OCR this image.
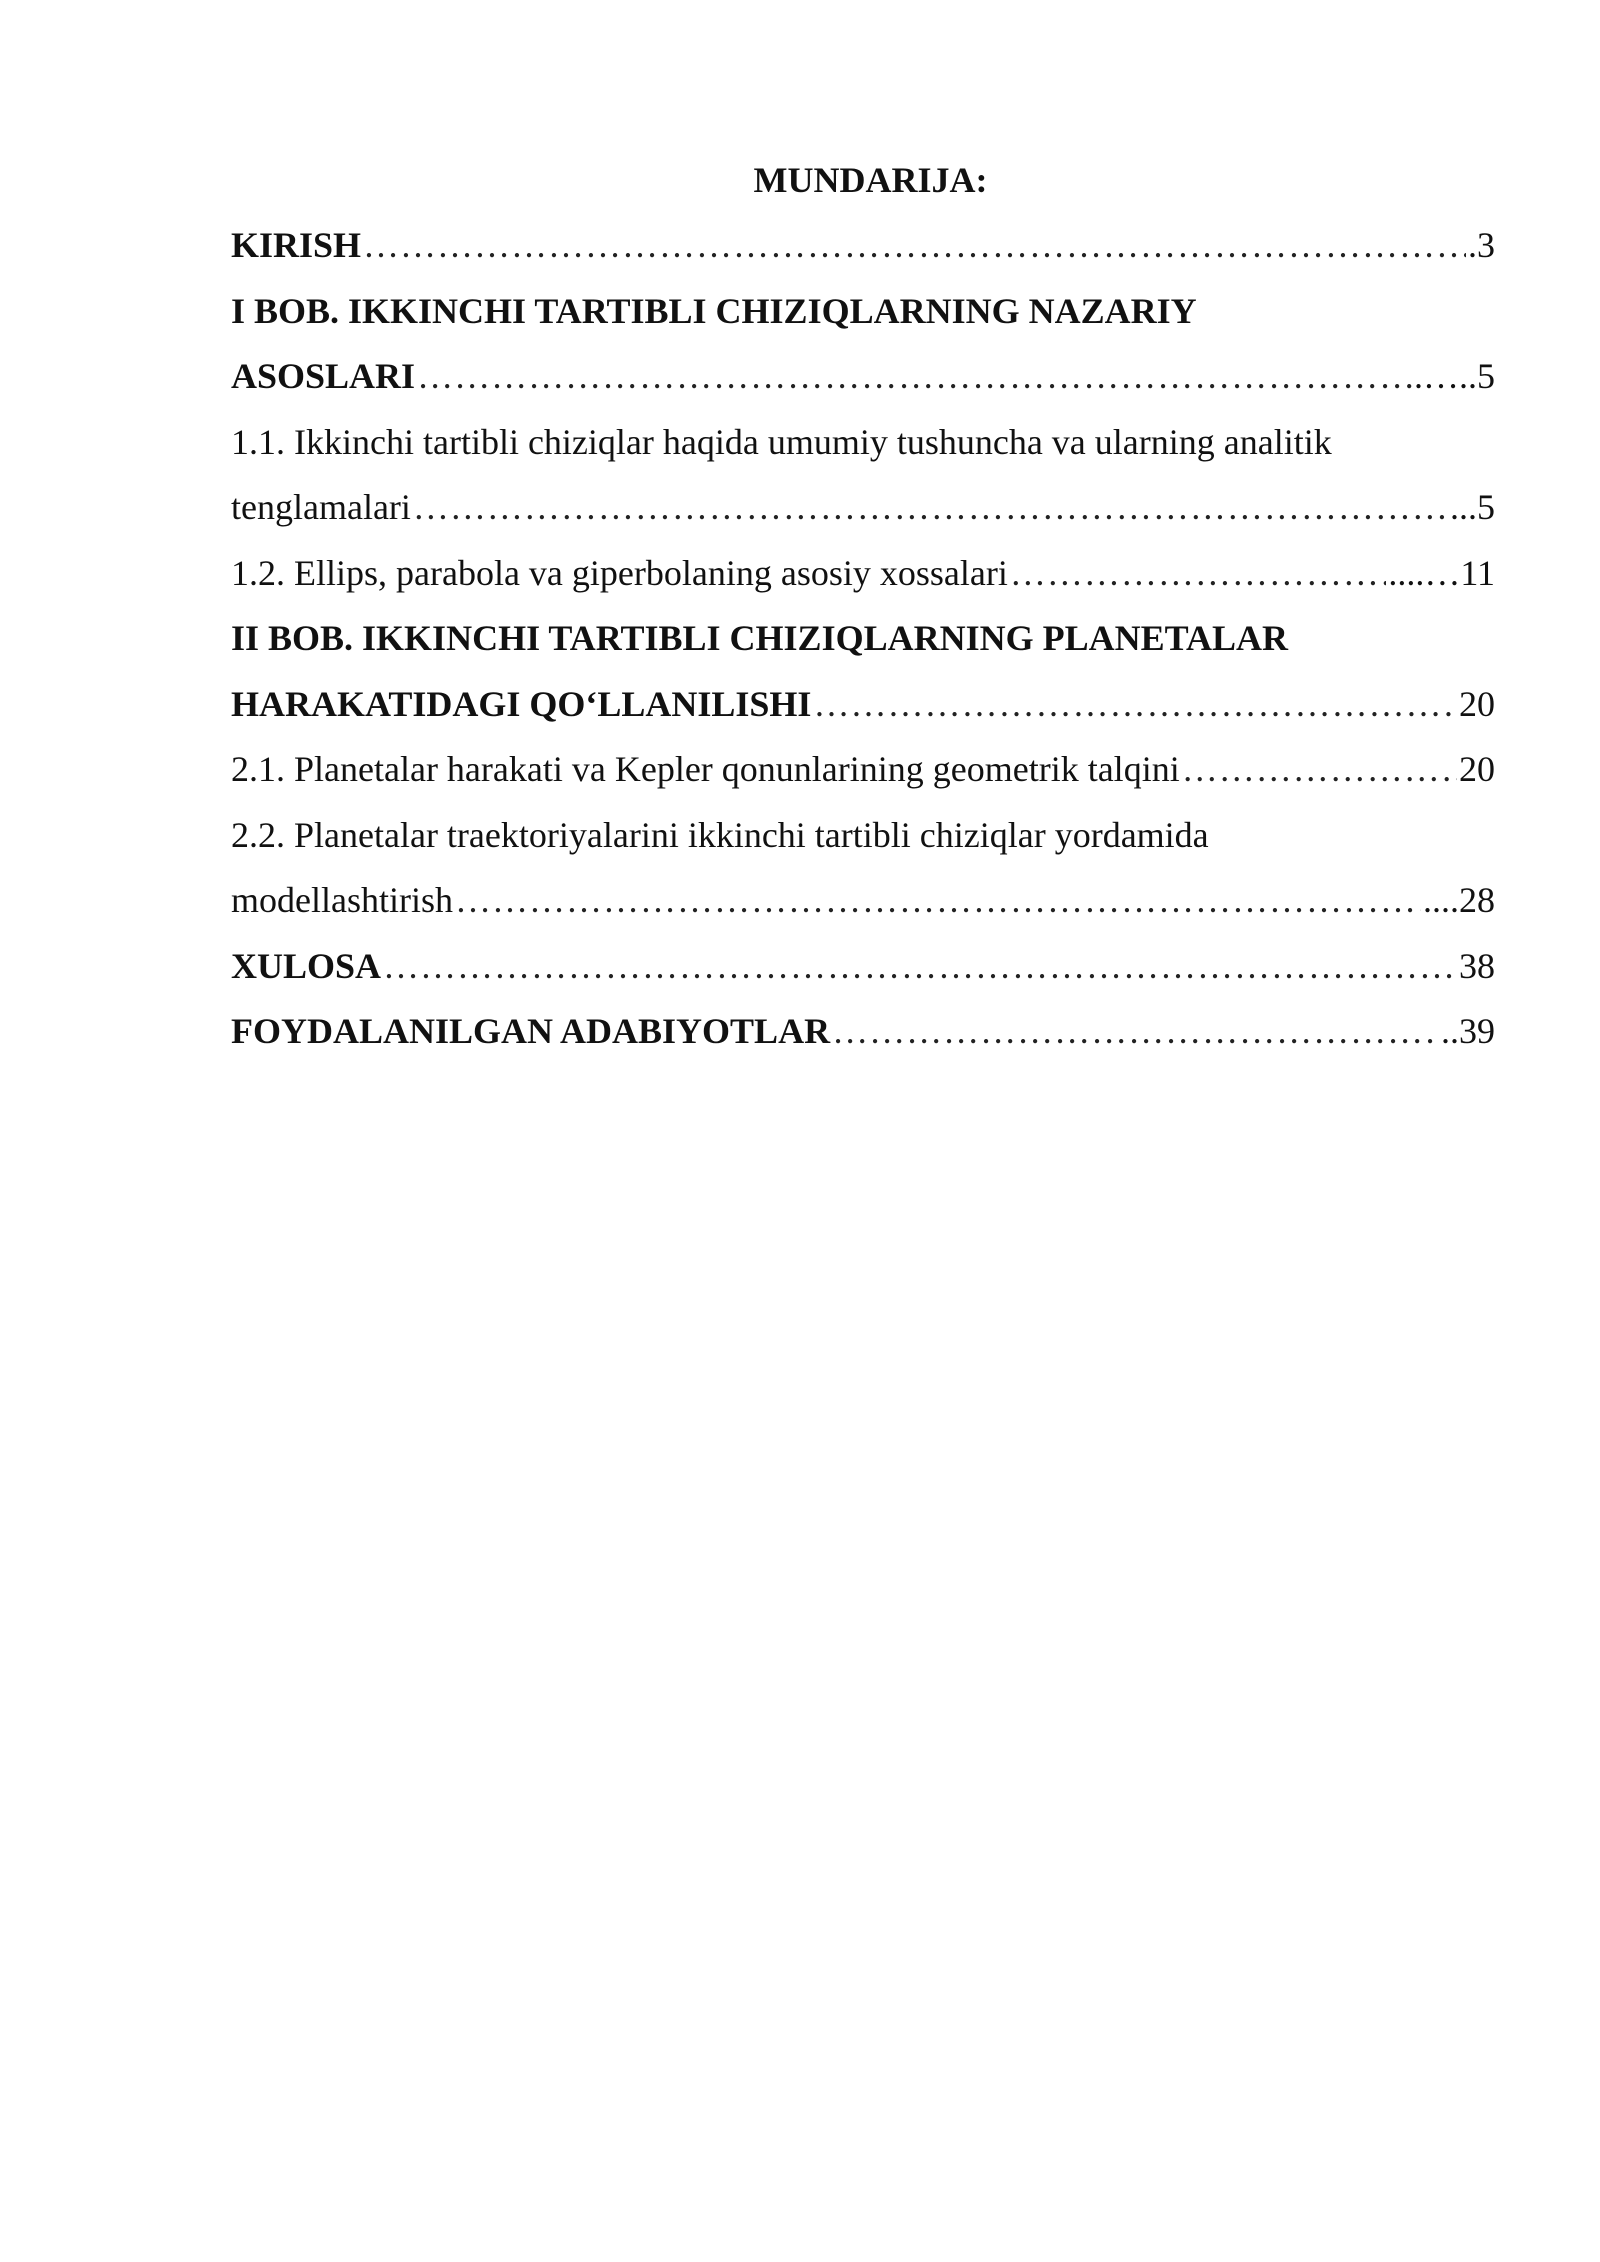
MUNDARIJA:
KIRISH ……………………………………………………………………………………………………………………………………………………………………………………………………	.3
I BOB. IKKINCHI TARTIBLI CHIZIQLARNING NAZARIY
ASOSLARI ……………………………………………………………………………………………………………………………………………………………………………………………………	.…..5
1.1. Ikkinchi tartibli chiziqlar haqida umumiy tushuncha va ularning analitik
tenglamalari ……………………………………………………………………………………………………………………………………………………………………………………………………	...5
1.2. Ellips, parabola va giperbolaning asosiy xossalari ……………………………………………………………………………………………………………………………………………………………………………………………………	....…11
II BOB. IKKINCHI TARTIBLI CHIZIQLARNING PLANETALAR
HARAKATIDAGI QO‘LLANILISHI ……………………………………………………………………………………………………………………………………………………………………………………………………	20
2.1. Planetalar harakati va Kepler qonunlarining geometrik talqini ……………………………………………………………………………………………………………………………………………………………………………………………………	20
2.2. Planetalar traektoriyalarini ikkinchi tartibli chiziqlar yordamida
modellashtirish ……………………………………………………………………………………………………………………………………………………………………………………………………	....28
XULOSA ……………………………………………………………………………………………………………………………………………………………………………………………………	38
FOYDALANILGAN ADABIYOTLAR ……………………………………………………………………………………………………………………………………………………………………………………………………	..39
